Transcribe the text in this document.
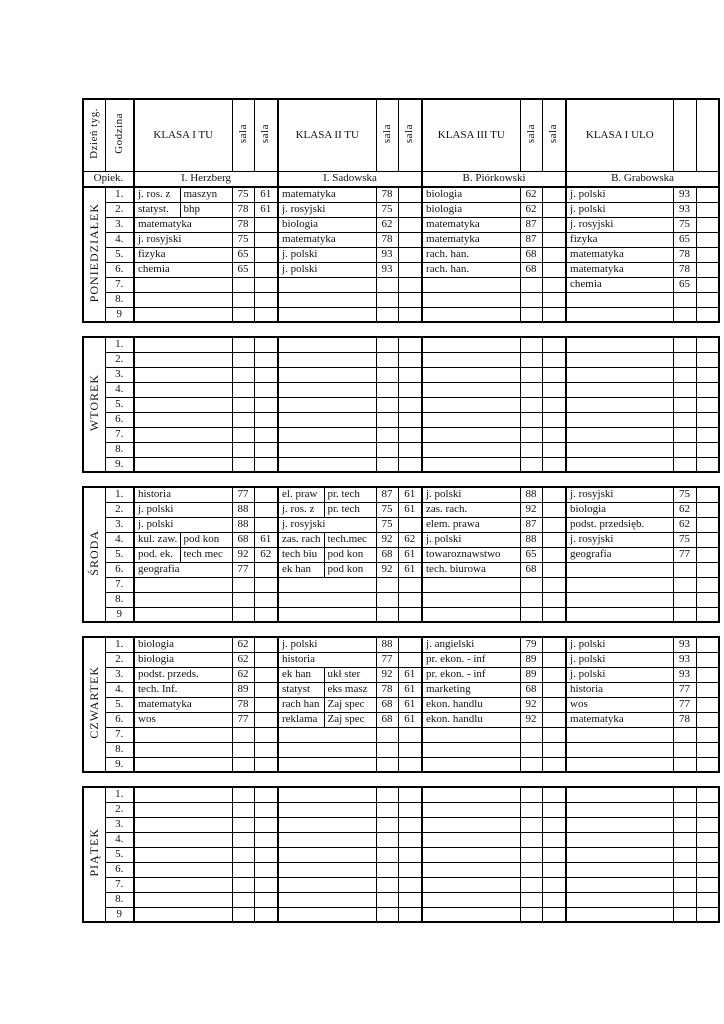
Dzień tyg.	Godzina	KLASA I TU		sala	sala	KLASA II TU	sala	sala	KLASA III TU	sala	sala	KLASA I ULO		
Opiek.		I. Herzberg				I. Sadowska			B. Piórkowski			B. Grabowska		
PONIEDZIAŁEK	1.	j. ros. z	maszyn	75	61	matematyka	78		biologia	62		j. polski	93	
	2.	statyst.	bhp	78	61	j. rosyjski	75		biologia	62		j. polski	93	
	3.	matematyka		78		biologia	62		matematyka	87		j. rosyjski	75	
	4.	j. rosyjski		75		matematyka	78		matematyka	87		fizyka	65	
	5.	fizyka		65		j. polski	93		rach. han.	68		matematyka	78	
	6.	chemia		65		j. polski	93		rach. han.	68		matematyka	78	
	7.											chemia	65	
	8.													
	9													
WTOREK	1.												
	2.												
	3.												
	4.												
	5.												
	6.												
	7.												
	8.												
	9.												
ŚRODA	1.	historia		77		el. praw	pr. tech	87	61	j. polski	88		j. rosyjski	75	
	2.	j. polski		88		j. ros. z	pr. tech	75	61	zas. rach.	92		biologia	62	
	3.	j. polski		88		j. rosyjski		75		elem. prawa	87		podst. przedsięb.	62	
	4.	kul. zaw.	pod kon	68	61	zas. rach	tech.mec	92	62	j. polski	88		j. rosyjski	75	
	5.	pod. ek.	tech mec	92	62	tech biu	pod kon	68	61	towaroznawstwo	65		geografia	77	
	6.	geografia		77		ek han	pod kon	92	61	tech. biurowa	68				
	7.														
	8.														
	9														
CZWARTEK	1.	biologia	62		j. polski		88		j. angielski	79		j. polski	93	
	2.	biologia	62		historia		77		pr. ekon. - inf	89		j. polski	93	
	3.	podst. przeds.	62		ek han	ukł ster	92	61	pr. ekon. - inf	89		j. polski	93	
	4.	tech. Inf.	89		statyst	eks masz	78	61	marketing	68		historia	77	
	5.	matematyka	78		rach han	Zaj spec	68	61	ekon. handlu	92		wos	77	
	6.	wos	77		reklama	Zaj spec	68	61	ekon. handlu	92		matematyka	78	
	7.													
	8.													
	9.													
PIĄTEK	1.												
	2.												
	3.												
	4.												
	5.												
	6.												
	7.												
	8.												
	9												
